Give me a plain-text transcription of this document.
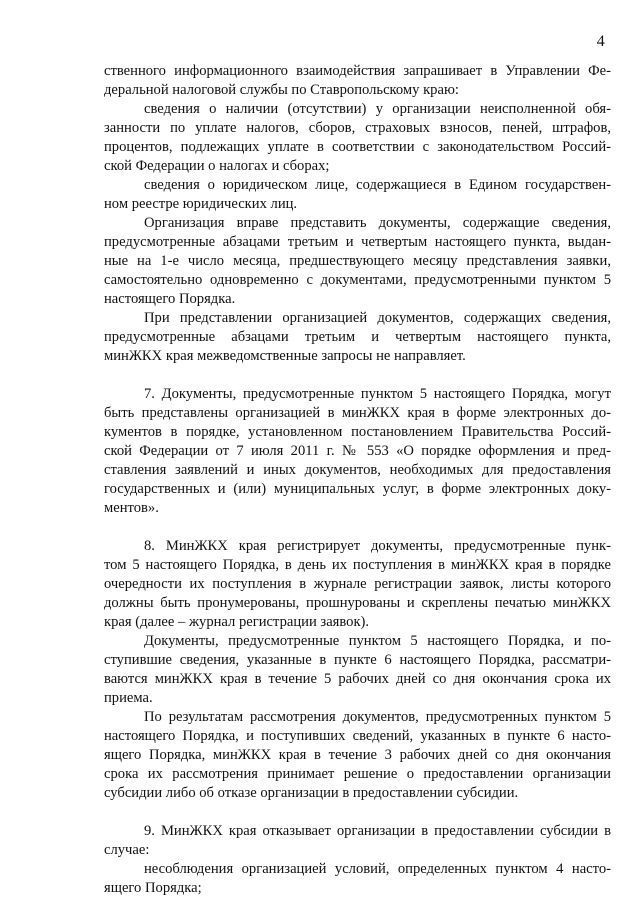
4
ственного информационного взаимодействия запрашивает в Управлении Фе-
деральной налоговой службы по Ставропольскому краю:
сведения о наличии (отсутствии) у организации неисполненной обя-
занности по уплате налогов, сборов, страховых взносов, пеней, штрафов,
процентов, подлежащих уплате в соответствии с законодательством Россий-
ской Федерации о налогах и сборах;
сведения о юридическом лице, содержащиеся в Едином государствен-
ном реестре юридических лиц.
Организация вправе представить документы, содержащие сведения,
предусмотренные абзацами третьим и четвертым настоящего пункта, выдан-
ные на 1-е число месяца, предшествующего месяцу представления заявки,
самостоятельно одновременно с документами, предусмотренными пунктом 5
настоящего Порядка.
При представлении организацией документов, содержащих сведения,
предусмотренные абзацами третьим и четвертым настоящего пункта,
минЖКХ края межведомственные запросы не направляет.
7. Документы, предусмотренные пунктом 5 настоящего Порядка, могут
быть представлены организацией в минЖКХ края в форме электронных до-
кументов в порядке, установленном постановлением Правительства Россий-
ской Федерации от 7 июля 2011 г. № 553 «О порядке оформления и пред-
ставления заявлений и иных документов, необходимых для предоставления
государственных и (или) муниципальных услуг, в форме электронных доку-
ментов».
8. МинЖКХ края регистрирует документы, предусмотренные пунк-
том 5 настоящего Порядка, в день их поступления в минЖКХ края в порядке
очередности их поступления в журнале регистрации заявок, листы которого
должны быть пронумерованы, прошнурованы и скреплены печатью минЖКХ
края (далее – журнал регистрации заявок).
Документы, предусмотренные пунктом 5 настоящего Порядка, и по-
ступившие сведения, указанные в пункте 6 настоящего Порядка, рассматри-
ваются минЖКХ края в течение 5 рабочих дней со дня окончания срока их
приема.
По результатам рассмотрения документов, предусмотренных пунктом 5
настоящего Порядка, и поступивших сведений, указанных в пункте 6 насто-
ящего Порядка, минЖКХ края в течение 3 рабочих дней со дня окончания
срока их рассмотрения принимает решение о предоставлении организации
субсидии либо об отказе организации в предоставлении субсидии.
9. МинЖКХ края отказывает организации в предоставлении субсидии в
случае:
несоблюдения организацией условий, определенных пунктом 4 насто-
ящего Порядка;
